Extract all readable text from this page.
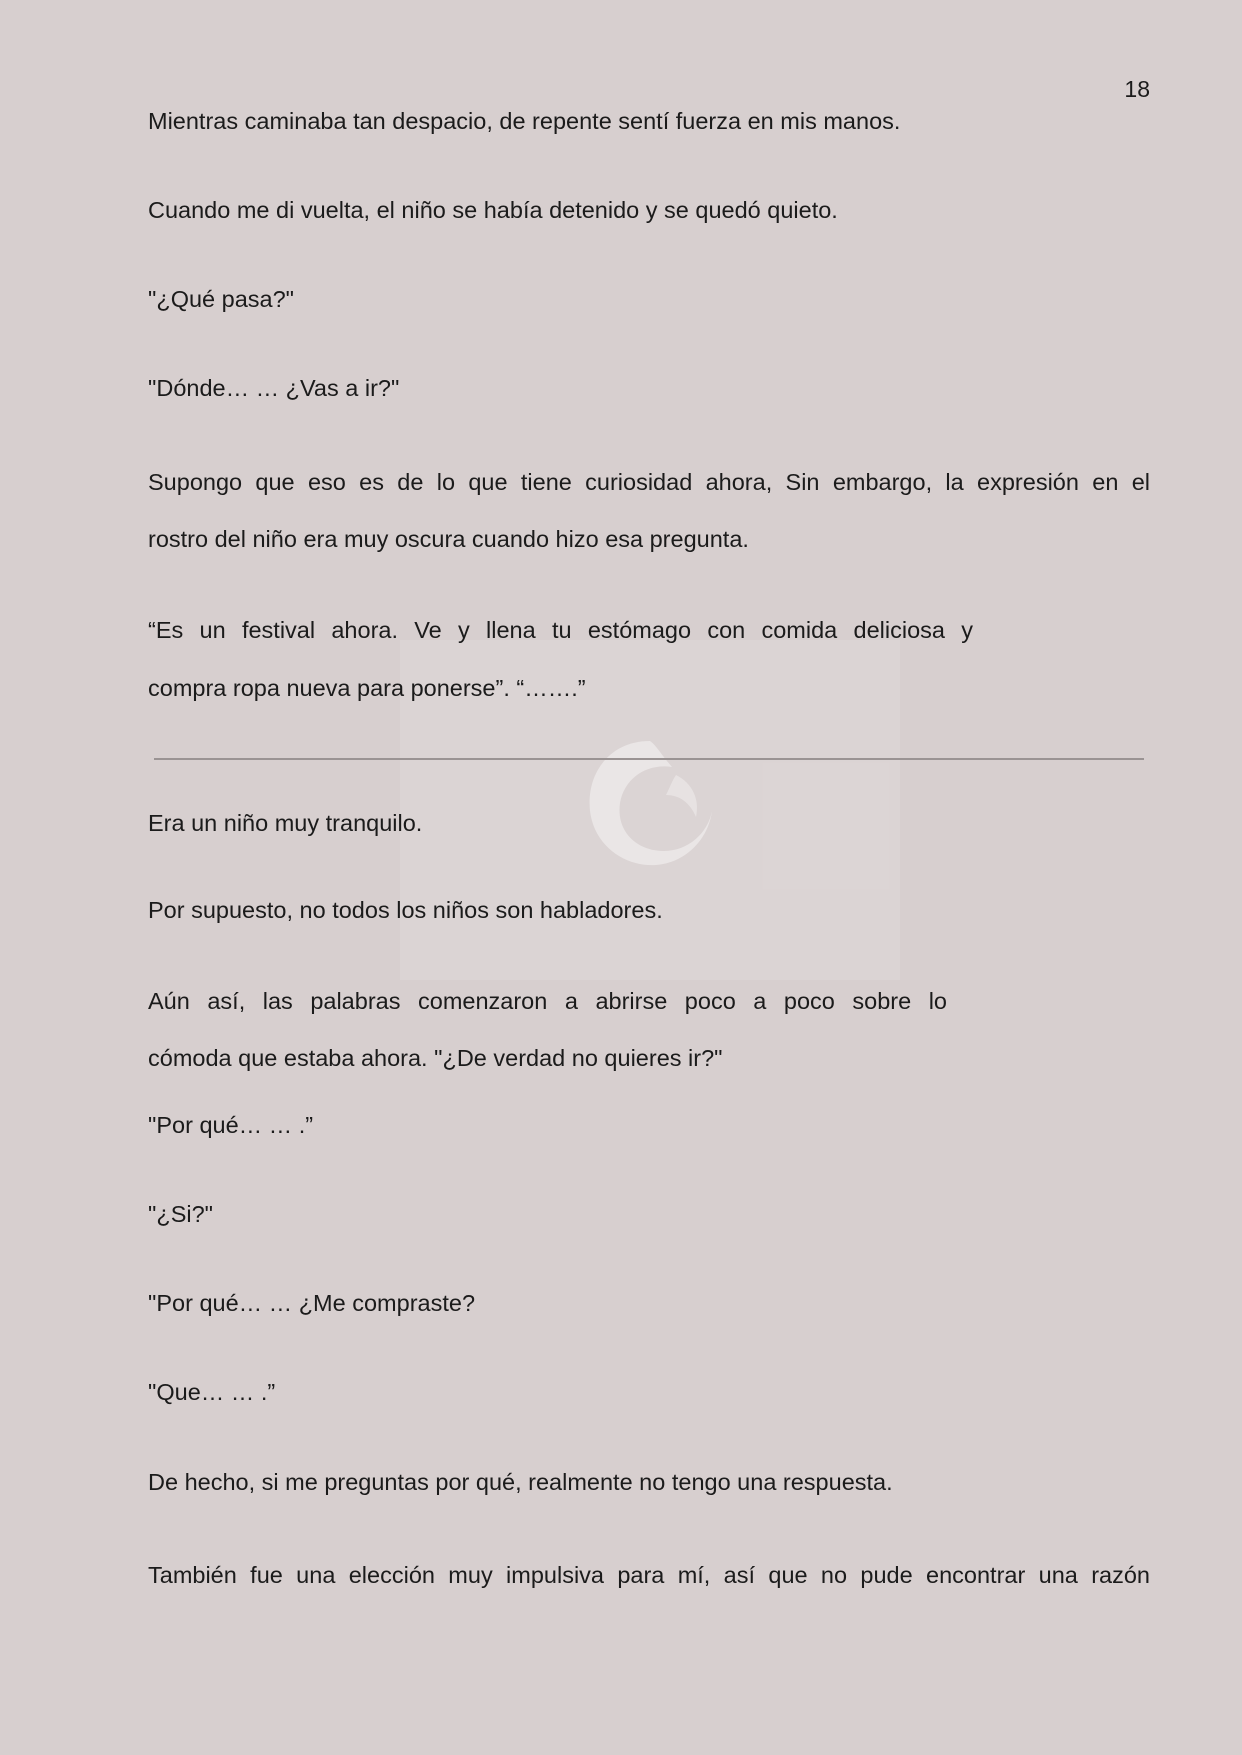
18

Mientras caminaba tan despacio, de repente sentí fuerza en mis manos.

Cuando me di vuelta, el niño se había detenido y se quedó quieto.

"¿Qué pasa?"

"Dónde… … ¿Vas a ir?"

Supongo que eso es de lo que tiene curiosidad ahora, Sin embargo, la expresión en el

rostro del niño era muy oscura cuando hizo esa pregunta.

“Es un festival ahora. Ve y llena tu estómago con comida deliciosa y

compra ropa nueva para ponerse”. “…….”

Era un niño muy tranquilo.

Por supuesto, no todos los niños son habladores.

Aún así, las palabras comenzaron a abrirse poco a poco sobre lo

cómoda que estaba ahora. "¿De verdad no quieres ir?"

"Por qué… … .”

"¿Si?"

"Por qué… … ¿Me compraste?

"Que… … .”

De hecho, si me preguntas por qué, realmente no tengo una respuesta.

También fue una elección muy impulsiva para mí, así que no pude encontrar una razón
